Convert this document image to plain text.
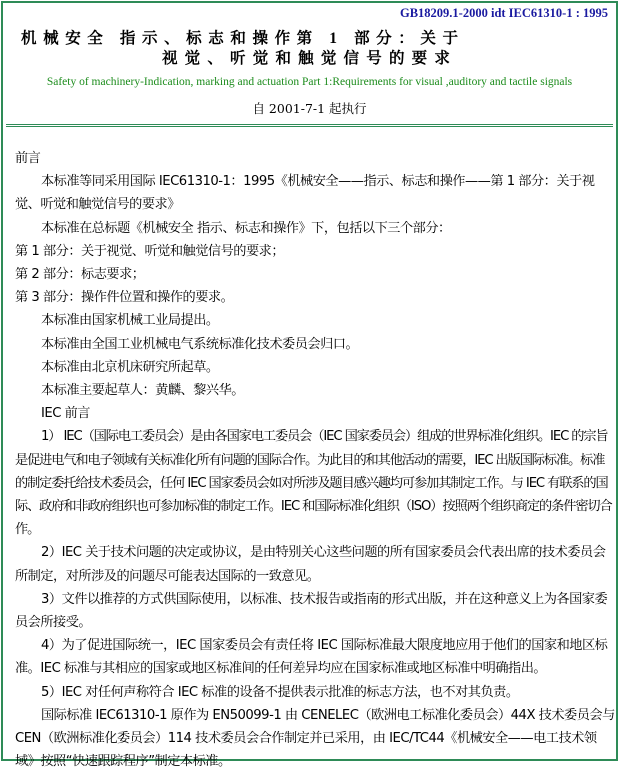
GB18209.1-2000 idt IEC61310-1 : 1995
机械安全 指示、标志和操作第 1 部分：关于
视觉、听觉和触觉信号的要求
Safety of machinery-Indication, marking and actuation Part 1:Requirements for visual ,auditory and tactile signals
自 2001-7-1 起执行

前言

本标准等同采用国际 IEC61310-1：1995《机械安全——指示、标志和操作——第 1 部分：关于视觉、听觉和触觉信号的要求》

本标准在总标题《机械安全 指示、标志和操作》下，包括以下三个部分：

第 1 部分：关于视觉、听觉和触觉信号的要求；

第 2 部分：标志要求；

第 3 部分：操作件位置和操作的要求。

本标准由国家机械工业局提出。

本标准由全国工业机械电气系统标准化技术委员会归口。

本标准由北京机床研究所起草。

本标准主要起草人：黄麟、黎兴华。

IEC 前言

1） IEC（国际电工委员会）是由各国家电工委员会（IEC 国家委员会）组成的世界标准化组织。IEC 的宗旨是促进电气和电子领域有关标准化所有问题的国际合作。为此目的和其他活动的需要，IEC 出版国际标准。标准的制定委托给技术委员会，任何 IEC 国家委员会如对所涉及题目感兴趣均可参加其制定工作。与 IEC 有联系的国际、政府和非政府组织也可参加标准的制定工作。IEC 和国际标准化组织（ISO）按照两个组织商定的条件密切合作。

2）IEC 关于技术问题的决定或协议，是由特别关心这些问题的所有国家委员会代表出席的技术委员会所制定，对所涉及的问题尽可能表达国际的一致意见。

3）文件以推荐的方式供国际使用，以标准、技术报告或指南的形式出版，并在这种意义上为各国家委员会所接受。

4）为了促进国际统一，IEC 国家委员会有责任将 IEC 国际标准最大限度地应用于他们的国家和地区标准。IEC 标准与其相应的国家或地区标准间的任何差异均应在国家标准或地区标准中明确指出。

5）IEC 对任何声称符合 IEC 标准的设备不提供表示批准的标志方法，也不对其负责。

国际标准 IEC61310-1 原作为 EN50099-1 由 CENELEC（欧洲电工标准化委员会）44X 技术委员会与 CEN（欧洲标准化委员会）114 技术委员会合作制定并已采用，由 IEC/TC44《机械安全——电工技术领域》按照“快速跟踪程序”制定本标准。
